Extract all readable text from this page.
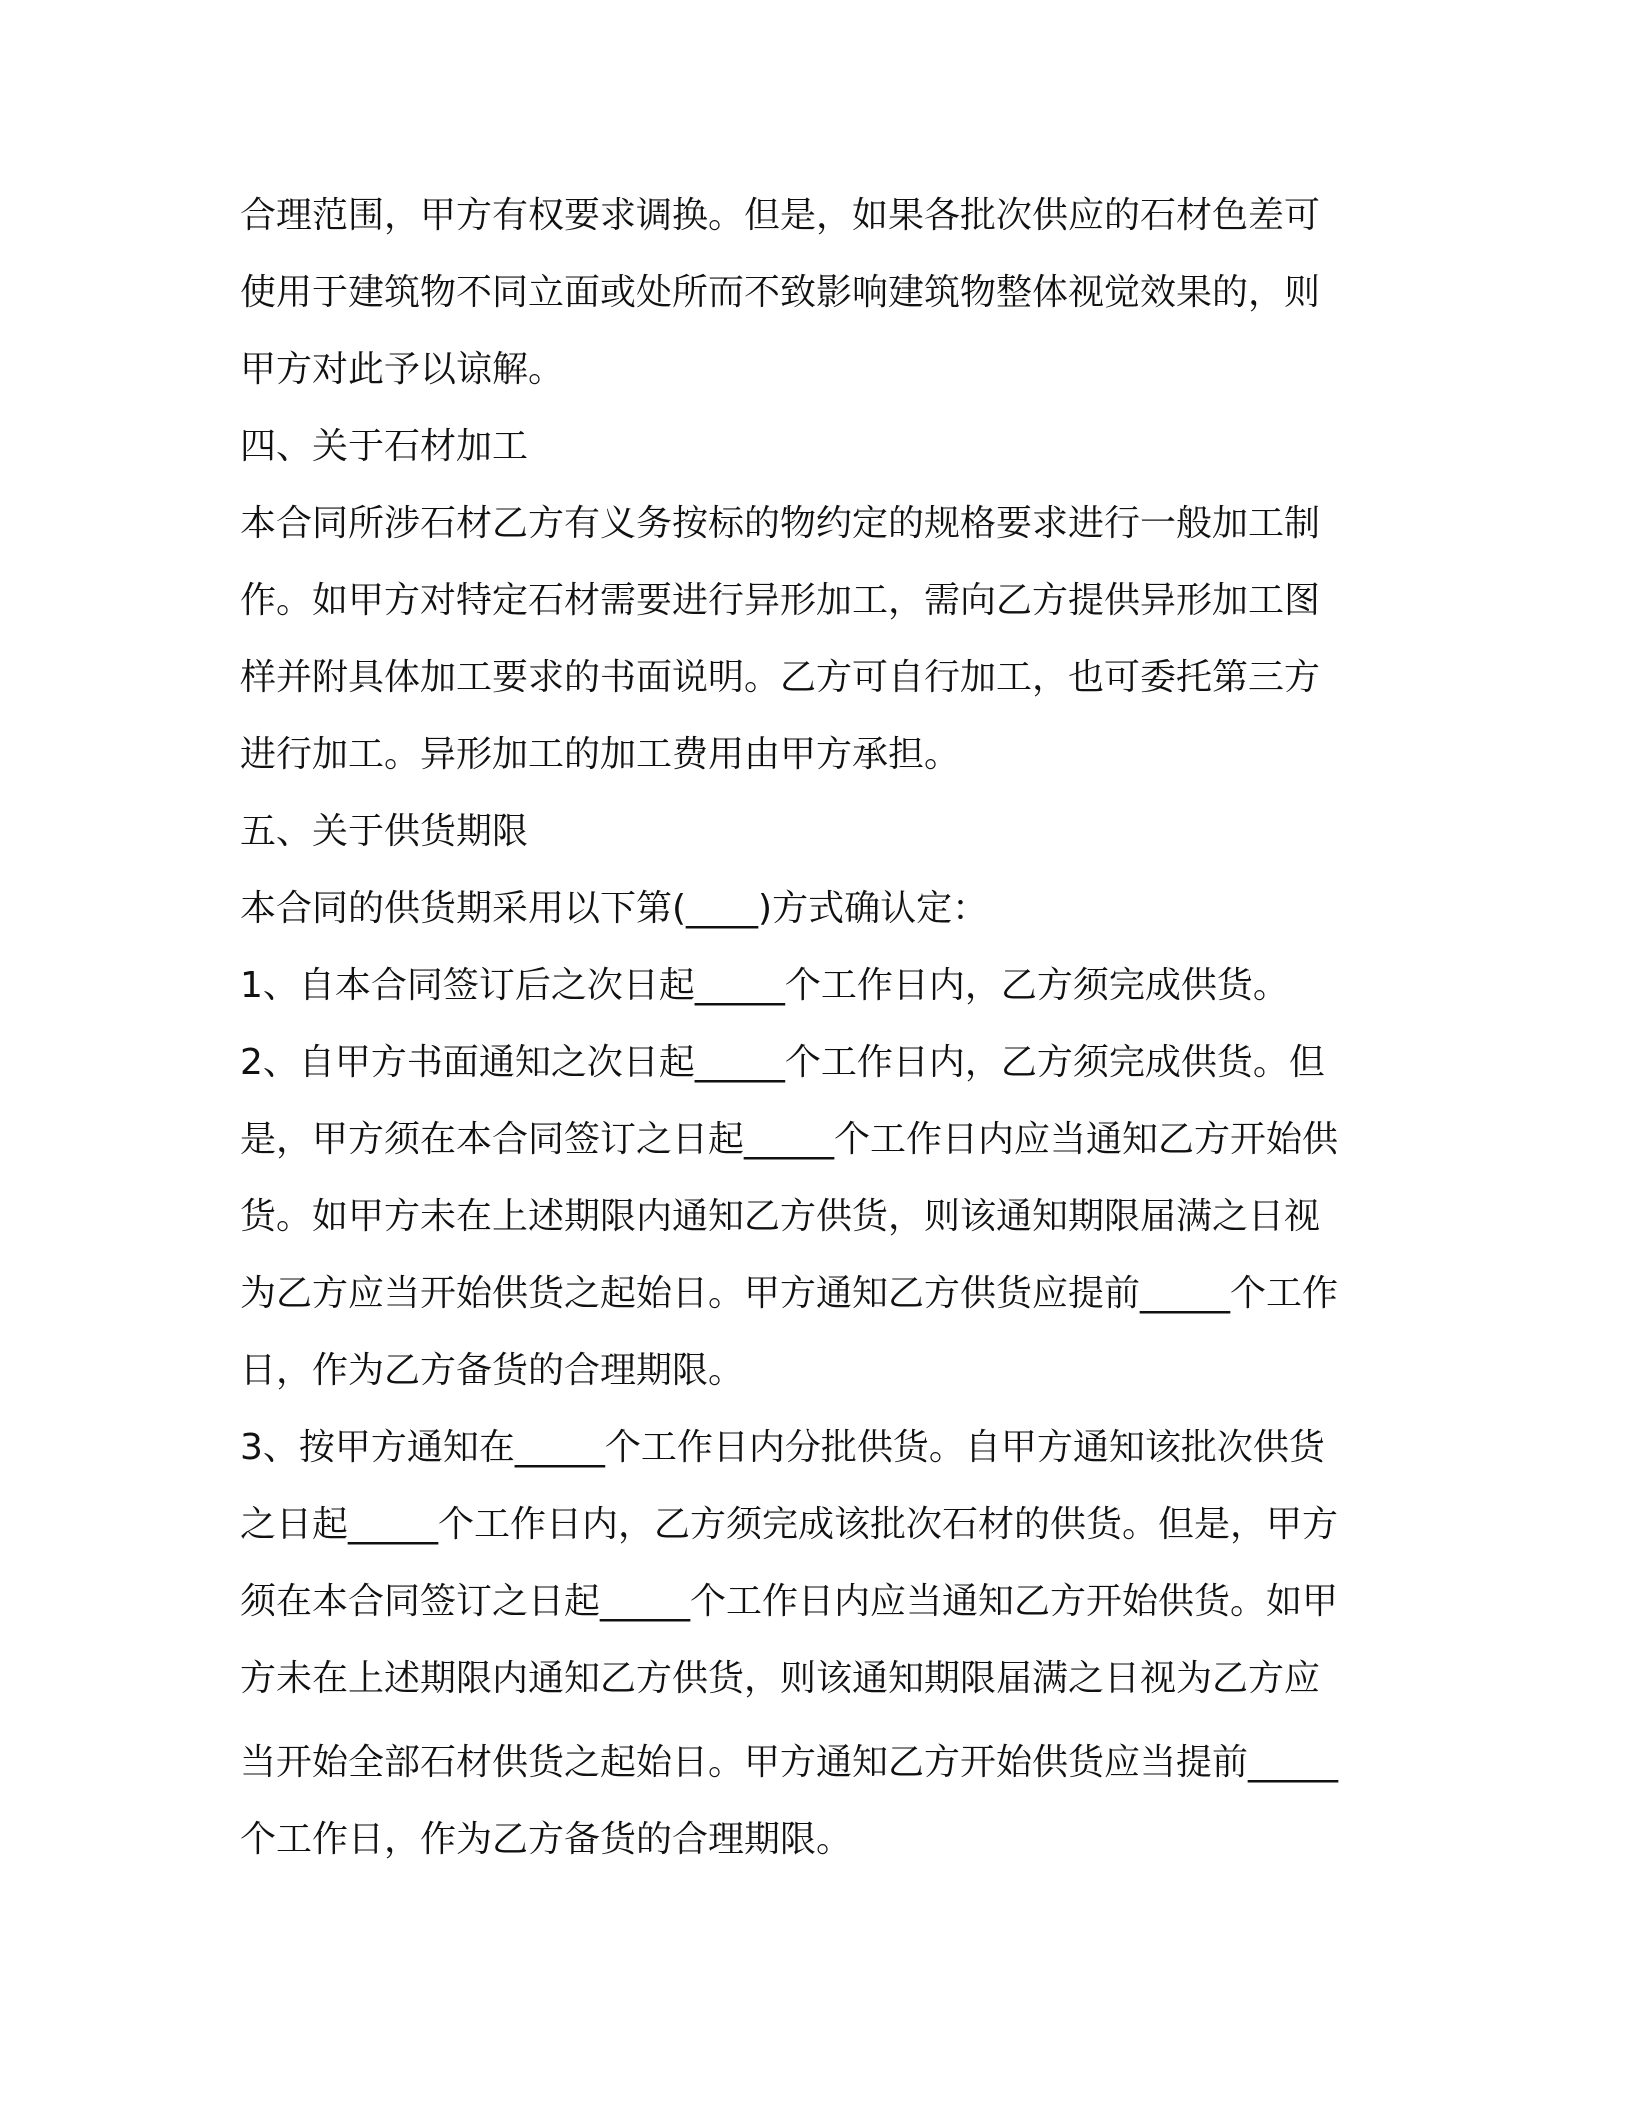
合理范围，甲方有权要求调换。但是，如果各批次供应的石材色差可
使用于建筑物不同立面或处所而不致影响建筑物整体视觉效果的，则
甲方对此予以谅解。
四、关于石材加工
本合同所涉石材乙方有义务按标的物约定的规格要求进行一般加工制
作。如甲方对特定石材需要进行异形加工，需向乙方提供异形加工图
样并附具体加工要求的书面说明。乙方可自行加工，也可委托第三方
进行加工。异形加工的加工费用由甲方承担。
五、关于供货期限
本合同的供货期采用以下第(____)方式确认定：
1、自本合同签订后之次日起_____个工作日内，乙方须完成供货。
2、自甲方书面通知之次日起_____个工作日内，乙方须完成供货。但
是，甲方须在本合同签订之日起_____个工作日内应当通知乙方开始供
货。如甲方未在上述期限内通知乙方供货，则该通知期限届满之日视
为乙方应当开始供货之起始日。甲方通知乙方供货应提前_____个工作
日，作为乙方备货的合理期限。
3、按甲方通知在_____个工作日内分批供货。自甲方通知该批次供货
之日起_____个工作日内，乙方须完成该批次石材的供货。但是，甲方
须在本合同签订之日起_____个工作日内应当通知乙方开始供货。如甲
方未在上述期限内通知乙方供货，则该通知期限届满之日视为乙方应
当开始全部石材供货之起始日。甲方通知乙方开始供货应当提前_____
个工作日，作为乙方备货的合理期限。
